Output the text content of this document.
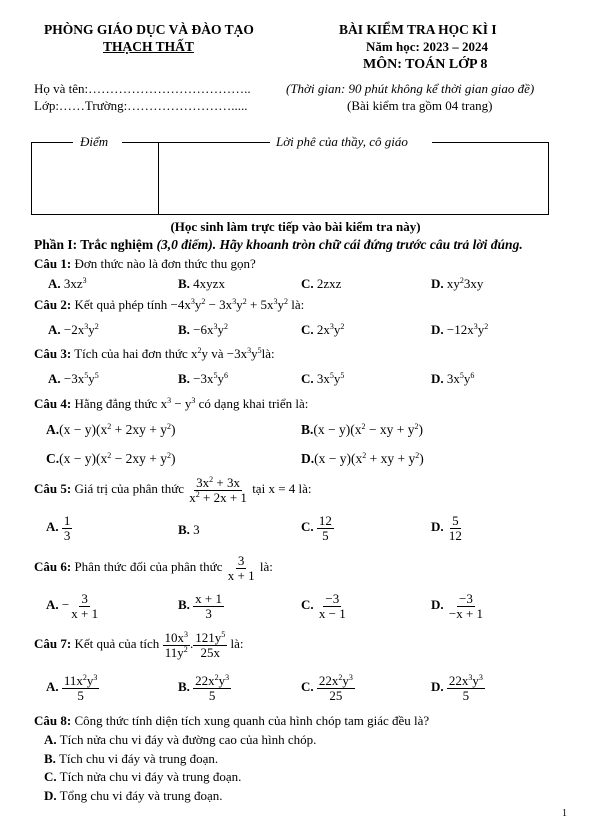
PHÒNG GIÁO DỤC VÀ ĐÀO TẠO
THẠCH THẤT
BÀI KIỂM TRA HỌC KÌ I
Năm học: 2023 – 2024
MÔN: TOÁN LỚP 8
Họ và tên:………………………………..	(Thời gian: 90 phút không kể thời gian giao đề)
Lớp:……Trường:…………………….....	(Bài kiểm tra gồm 04 trang)
Điểm	Lời phê của thầy, cô giáo
(Học sinh làm trực tiếp vào bài kiểm tra này)
Phần I: Trắc nghiệm (3,0 điểm). Hãy khoanh tròn chữ cái đứng trước câu trả lời đúng.
Câu 1: Đơn thức nào là đơn thức thu gọn?
A. $3xz^3$	B. 4xyzx	C. 2zxz	D. $xy^23xy$
Câu 2: Kết quả phép tính $-4x^3y^2 - 3x^3y^2 + 5x^3y^2$ là:
A. $-2x^3y^2$	B. $-6x^3y^2$	C. $2x^3y^2$	D. $-12x^3y^2$
Câu 3: Tích của hai đơn thức $x^2y$ và $-3x^3y^5là$:
A. $-3x^5y^5$	B. $-3x^5y^6$	C. $3x^5y^5$	D. $3x^5y^6$
Câu 4: Hằng đẳng thức $x^3 - y^3$ có dạng khai triển là:
$A.(x - y)(x^2 + 2xy + y^2)$	$B.(x - y)(x^2$ − xy + $y^2$)
$C.(x - y)(x^2 - 2xy + y^2)$	$D.(x - y)(x^2$ + xy + $y^2$)
Câu 5: Giá trị của phân thức $\frac{3x^2 + 3x}{x^2 + 2x + 1}$ tại x = 4 là:
A. $\frac{1}{3}$	B. 3	C. $\frac{12}{5}$	D. $\frac{5}{12}$
Câu 6: Phân thức đối của phân thức $\frac{3}{x + 1}$ là:
A. − $\frac{3}{x + 1}$	B. $\frac{x + 1}{3}$	C. $\frac{-3}{x - 1}$	D. $\frac{-3}{-x + 1}$
Câu 7: Kết quả của tích $\frac{10x^3}{11y^2}$ . $\frac{121y^5}{25x}$ là:
A. $\frac{11x^2y^3}{5}$	B. $\frac{22x^2y^3}{5}$	C. $\frac{22x^2y^3}{25}$	D. $\frac{22x^3y^3}{5}$
Câu 8: Công thức tính diện tích xung quanh của hình chóp tam giác đều là?
A. Tích nửa chu vi đáy và đường cao của hình chóp.
B. Tích chu vi đáy và trung đoạn.
C. Tích nửa chu vi đáy và trung đoạn.
D. Tổng chu vi đáy và trung đoạn.
1
